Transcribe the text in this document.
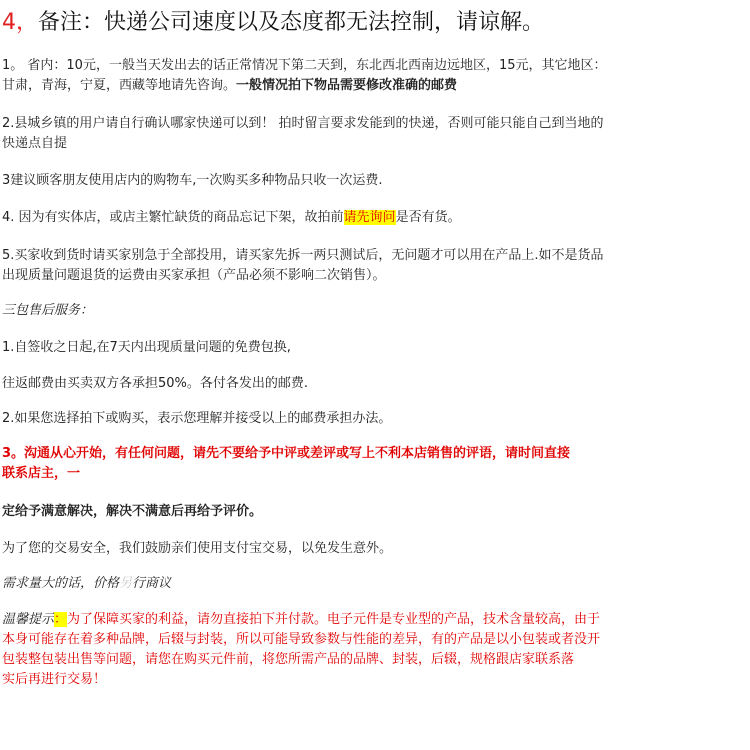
4，备注：快递公司速度以及态度都无法控制，请谅解。
1。 省内：10元，一般当天发出去的话正常情况下第二天到，东北西北西南边远地区，15元，其它地区：
甘肃，青海，宁夏，西藏等地请先咨询。一般情况拍下物品需要修改准确的邮费
2.县城乡镇的用户请自行确认哪家快递可以到！ 拍时留言要求发能到的快递，否则可能只能自己到当地的
快递点自提
3建议顾客朋友使用店内的购物车,一次购买多种物品只收一次运费.
4. 因为有实体店，或店主繁忙缺货的商品忘记下架，故拍前请先询问是否有货。
5.买家收到货时请买家别急于全部投用，请买家先拆一两只测试后，无问题才可以用在产品上.如不是货品
出现质量问题退货的运费由买家承担（产品必须不影响二次销售）。
三包售后服务：
1.自签收之日起,在7天内出现质量问题的免费包换,
往返邮费由买卖双方各承担50%。各付各发出的邮费.
2.如果您选择拍下或购买，表示您理解并接受以上的邮费承担办法。
3。沟通从心开始，有任何问题，请先不要给予中评或差评或写上不利本店销售的评语，请时间直接
联系店主，一
定给予满意解决，解决不满意后再给予评价。
为了您的交易安全，我们鼓励亲们使用支付宝交易，以免发生意外。
需求量大的话，价格另行商议
温馨提示：为了保障买家的利益，请勿直接拍下并付款。电子元件是专业型的产品，技术含量较高，由于
本身可能存在着多种品牌，后辍与封装，所以可能导致参数与性能的差异，有的产品是以小包装或者没开
包装整包装出售等问题，请您在购买元件前，将您所需产品的品牌、封装，后辍，规格跟店家联系落
实后再进行交易！
